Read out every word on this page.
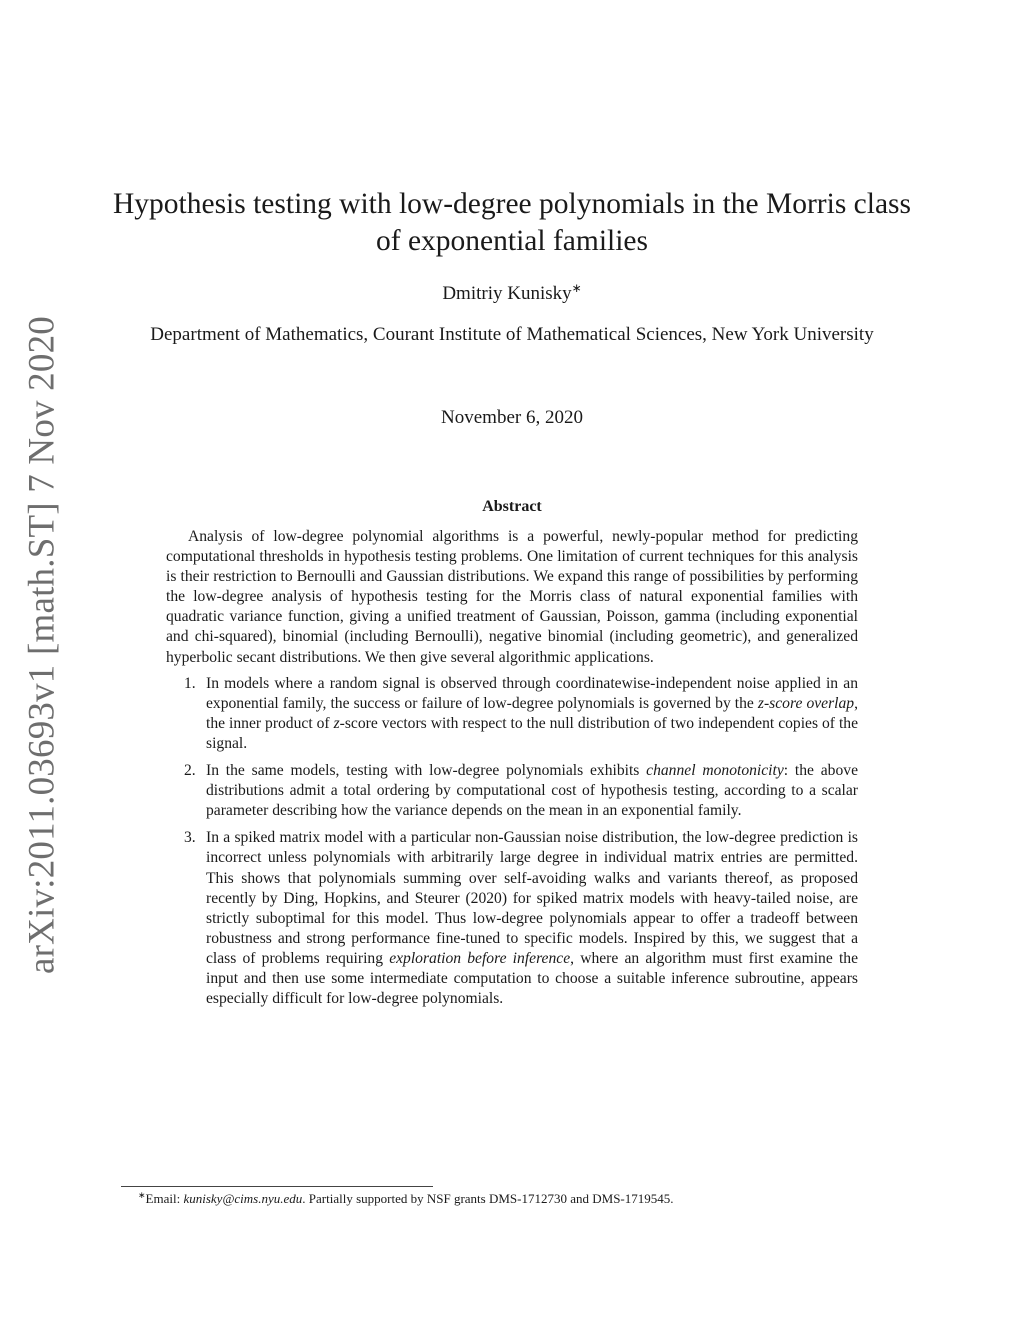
arXiv:2011.03693v1 [math.ST] 7 Nov 2020
Hypothesis testing with low-degree polynomials in the Morris class of exponential families
Dmitriy Kunisky∗
Department of Mathematics, Courant Institute of Mathematical Sciences, New York University
November 6, 2020
Abstract

Analysis of low-degree polynomial algorithms is a powerful, newly-popular method for predicting computational thresholds in hypothesis testing problems. One limitation of current techniques for this analysis is their restriction to Bernoulli and Gaussian distributions. We expand this range of possibilities by performing the low-degree analysis of hypothesis testing for the Morris class of natural exponential families with quadratic variance function, giving a unified treatment of Gaussian, Poisson, gamma (including exponential and chi-squared), binomial (including Bernoulli), negative binomial (including geometric), and generalized hyperbolic secant distributions. We then give several algorithmic applications.

1. In models where a random signal is observed through coordinatewise-independent noise applied in an exponential family, the success or failure of low-degree polynomials is governed by the z-score overlap, the inner product of z-score vectors with respect to the null distribution of two independent copies of the signal.
2. In the same models, testing with low-degree polynomials exhibits channel monotonicity: the above distributions admit a total ordering by computational cost of hypothesis testing, according to a scalar parameter describing how the variance depends on the mean in an exponential family.
3. In a spiked matrix model with a particular non-Gaussian noise distribution, the low-degree prediction is incorrect unless polynomials with arbitrarily large degree in individual matrix entries are permitted. This shows that polynomials summing over self-avoiding walks and variants thereof, as proposed recently by Ding, Hopkins, and Steurer (2020) for spiked matrix models with heavy-tailed noise, are strictly suboptimal for this model. Thus low-degree polynomials appear to offer a tradeoff between robustness and strong performance fine-tuned to specific models. Inspired by this, we suggest that a class of problems requiring exploration before inference, where an algorithm must first examine the input and then use some intermediate computation to choose a suitable inference subroutine, appears especially difficult for low-degree polynomials.
∗Email: kunisky@cims.nyu.edu. Partially supported by NSF grants DMS-1712730 and DMS-1719545.
